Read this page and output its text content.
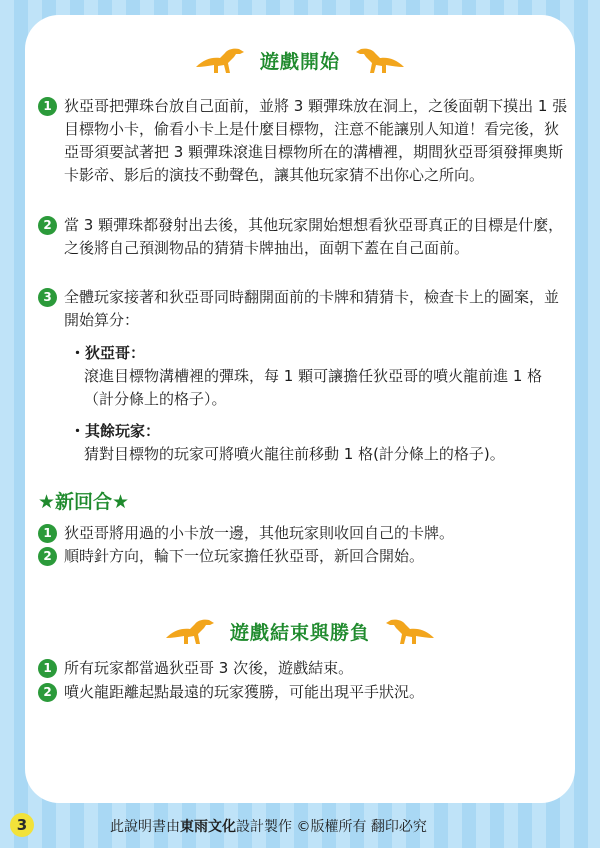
遊戲開始
1 狄亞哥把彈珠台放自己面前，並將 3 顆彈珠放在洞上，之後面朝下摸出 1 張目標物小卡，偷看小卡上是什麼目標物，注意不能讓別人知道！看完後，狄亞哥須要試著把 3 顆彈珠滾進目標物所在的溝槽裡，期間狄亞哥須發揮奧斯卡影帝、影后的演技不動聲色，讓其他玩家猜不出你心之所向。
2 當 3 顆彈珠都發射出去後，其他玩家開始想想看狄亞哥真正的目標是什麼，之後將自己預測物品的猜猜卡牌抽出，面朝下蓋在自己面前。
3 全體玩家接著和狄亞哥同時翻開面前的卡牌和猜猜卡，檢查卡上的圖案，並開始算分：
・狄亞哥：
滾進目標物溝槽裡的彈珠，每 1 顆可讓擔任狄亞哥的噴火龍前進 1 格（計分條上的格子）。
・其餘玩家：
猜對目標物的玩家可將噴火龍往前移動 1 格(計分條上的格子)。
★新回合★
1 狄亞哥將用過的小卡放一邊，其他玩家則收回自己的卡牌。
2 順時針方向，輪下一位玩家擔任狄亞哥，新回合開始。
遊戲結束與勝負
1 所有玩家都當過狄亞哥 3 次後，遊戲結束。
2 噴火龍距離起點最遠的玩家獲勝，可能出現平手狀況。
3	此說明書由東雨文化設計製作 ©版權所有 翻印必究
